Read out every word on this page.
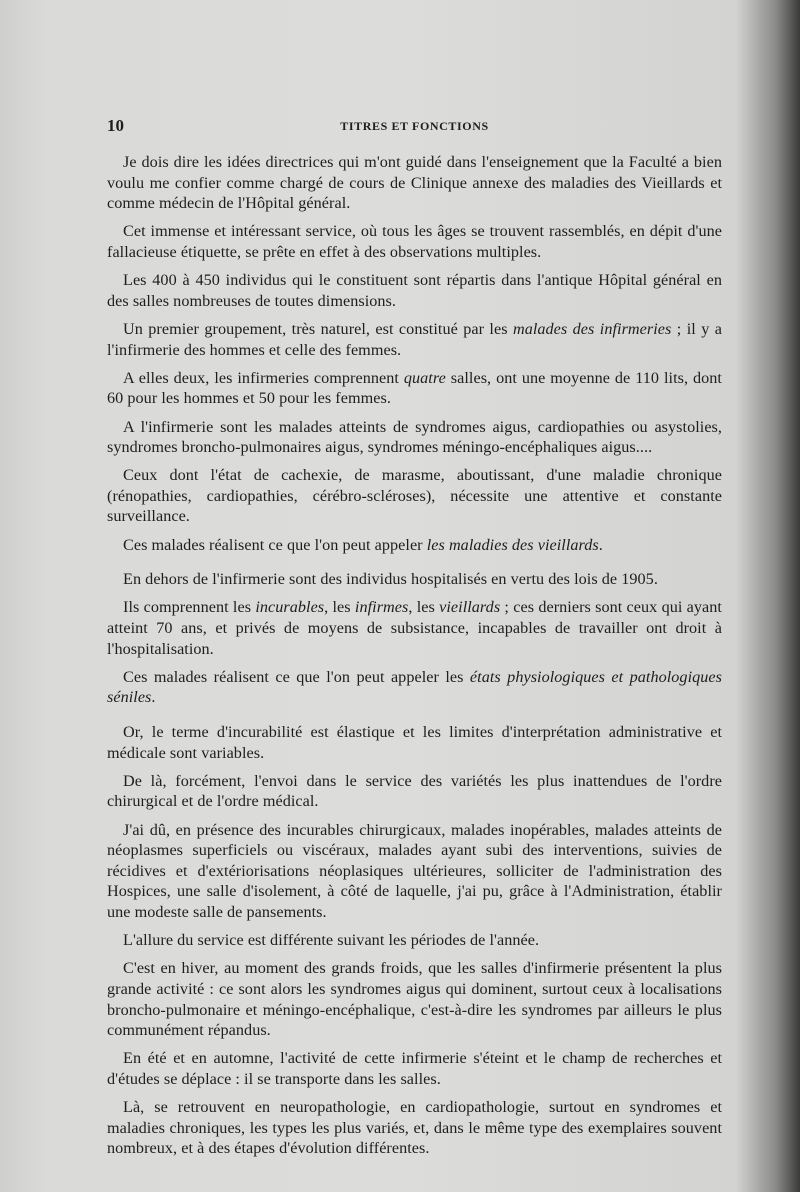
10	TITRES ET FONCTIONS

Je dois dire les idées directrices qui m'ont guidé dans l'enseignement que la Faculté a bien voulu me confier comme chargé de cours de Clinique annexe des maladies des Vieillards et comme médecin de l'Hôpital général.

Cet immense et intéressant service, où tous les âges se trouvent rassemblés, en dépit d'une fallacieuse étiquette, se prête en effet à des observations multiples.

Les 400 à 450 individus qui le constituent sont répartis dans l'antique Hôpital général en des salles nombreuses de toutes dimensions.

Un premier groupement, très naturel, est constitué par les malades des infirmeries ; il y a l'infirmerie des hommes et celle des femmes.

A elles deux, les infirmeries comprennent quatre salles, ont une moyenne de 110 lits, dont 60 pour les hommes et 50 pour les femmes.

A l'infirmerie sont les malades atteints de syndromes aigus, cardiopathies ou asystolies, syndromes broncho-pulmonaires aigus, syndromes méningo-encéphaliques aigus....

Ceux dont l'état de cachexie, de marasme, aboutissant, d'une maladie chronique (rénopathies, cardiopathies, cérébro-scléroses), nécessite une attentive et constante surveillance.

Ces malades réalisent ce que l'on peut appeler les maladies des vieillards.

En dehors de l'infirmerie sont des individus hospitalisés en vertu des lois de 1905.

Ils comprennent les incurables, les infirmes, les vieillards ; ces derniers sont ceux qui ayant atteint 70 ans, et privés de moyens de subsistance, incapables de travailler ont droit à l'hospitalisation.

Ces malades réalisent ce que l'on peut appeler les états physiologiques et pathologiques séniles.

Or, le terme d'incurabilité est élastique et les limites d'interprétation administrative et médicale sont variables.

De là, forcément, l'envoi dans le service des variétés les plus inattendues de l'ordre chirurgical et de l'ordre médical.

J'ai dû, en présence des incurables chirurgicaux, malades inopérables, malades atteints de néoplasmes superficiels ou viscéraux, malades ayant subi des interventions, suivies de récidives et d'extériorisations néoplasiques ultérieures, solliciter de l'administration des Hospices, une salle d'isolement, à côté de laquelle, j'ai pu, grâce à l'Administration, établir une modeste salle de pansements.

L'allure du service est différente suivant les périodes de l'année.

C'est en hiver, au moment des grands froids, que les salles d'infirmerie présentent la plus grande activité : ce sont alors les syndromes aigus qui dominent, surtout ceux à localisations broncho-pulmonaire et méningo-encéphalique, c'est-à-dire les syndromes par ailleurs le plus communément répandus.

En été et en automne, l'activité de cette infirmerie s'éteint et le champ de recherches et d'études se déplace : il se transporte dans les salles.

Là, se retrouvent en neuropathologie, en cardiopathologie, surtout en syndromes et maladies chroniques, les types les plus variés, et, dans le même type des exemplaires souvent nombreux, et à des étapes d'évolution différentes.
